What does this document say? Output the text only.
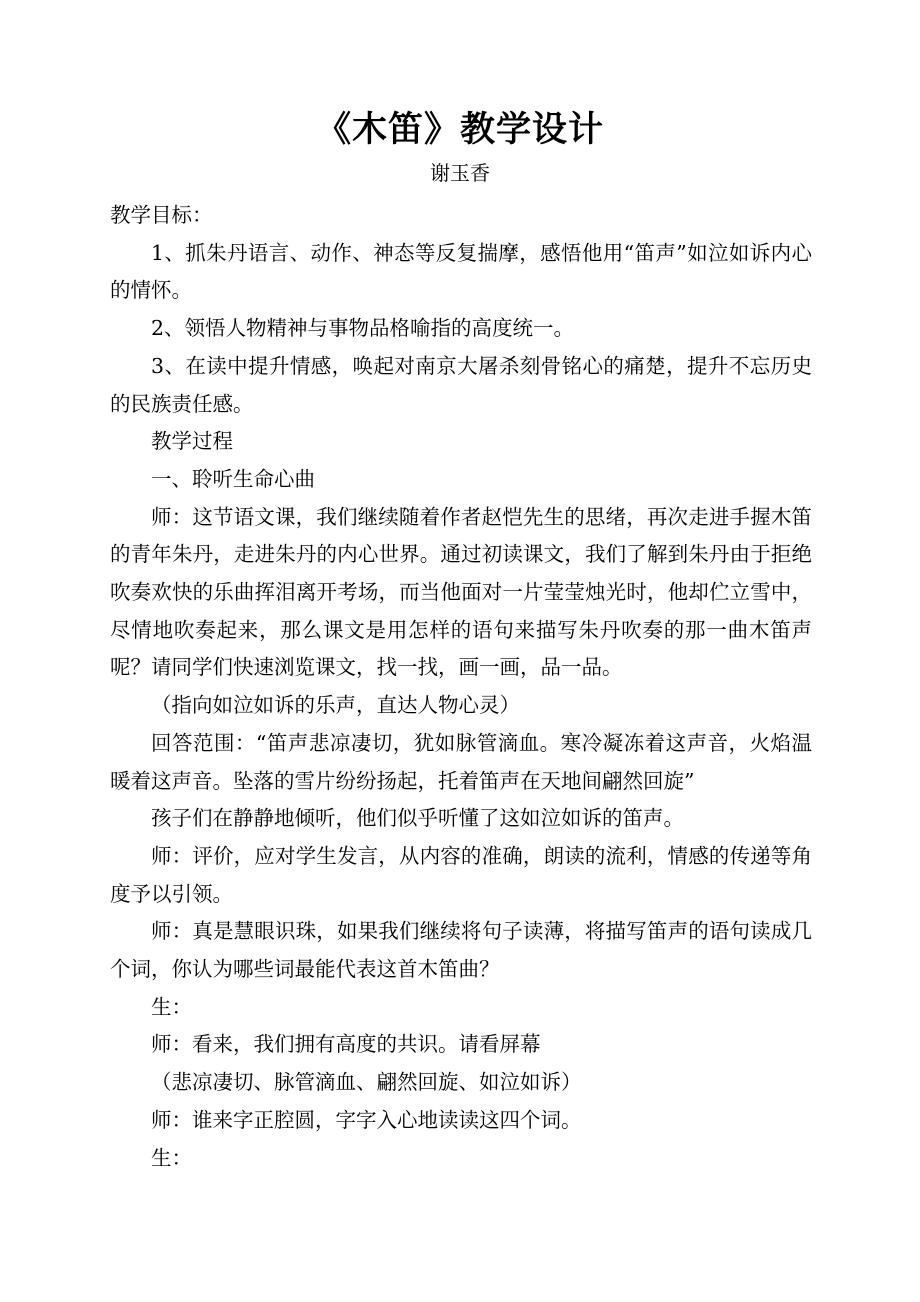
《木笛》教学设计
谢玉香

教学目标：

1、抓朱丹语言、动作、神态等反复揣摩，感悟他用“笛声”如泣如诉内心的情怀。

2、领悟人物精神与事物品格喻指的高度统一。

3、在读中提升情感，唤起对南京大屠杀刻骨铭心的痛楚，提升不忘历史的民族责任感。

教学过程

一、聆听生命心曲

师：这节语文课，我们继续随着作者赵恺先生的思绪，再次走进手握木笛的青年朱丹，走进朱丹的内心世界。通过初读课文，我们了解到朱丹由于拒绝吹奏欢快的乐曲挥泪离开考场，而当他面对一片莹莹烛光时，他却伫立雪中，尽情地吹奏起来，那么课文是用怎样的语句来描写朱丹吹奏的那一曲木笛声呢？请同学们快速浏览课文，找一找，画一画，品一品。

（指向如泣如诉的乐声，直达人物心灵）

回答范围：“笛声悲凉凄切，犹如脉管滴血。寒冷凝冻着这声音，火焰温暖着这声音。坠落的雪片纷纷扬起，托着笛声在天地间翩然回旋”

孩子们在静静地倾听，他们似乎听懂了这如泣如诉的笛声。

师：评价，应对学生发言，从内容的准确，朗读的流利，情感的传递等角度予以引领。

师：真是慧眼识珠，如果我们继续将句子读薄，将描写笛声的语句读成几个词，你认为哪些词最能代表这首木笛曲？

生：

师：看来，我们拥有高度的共识。请看屏幕

（悲凉凄切、脉管滴血、翩然回旋、如泣如诉）

师：谁来字正腔圆，字字入心地读读这四个词。

生：
